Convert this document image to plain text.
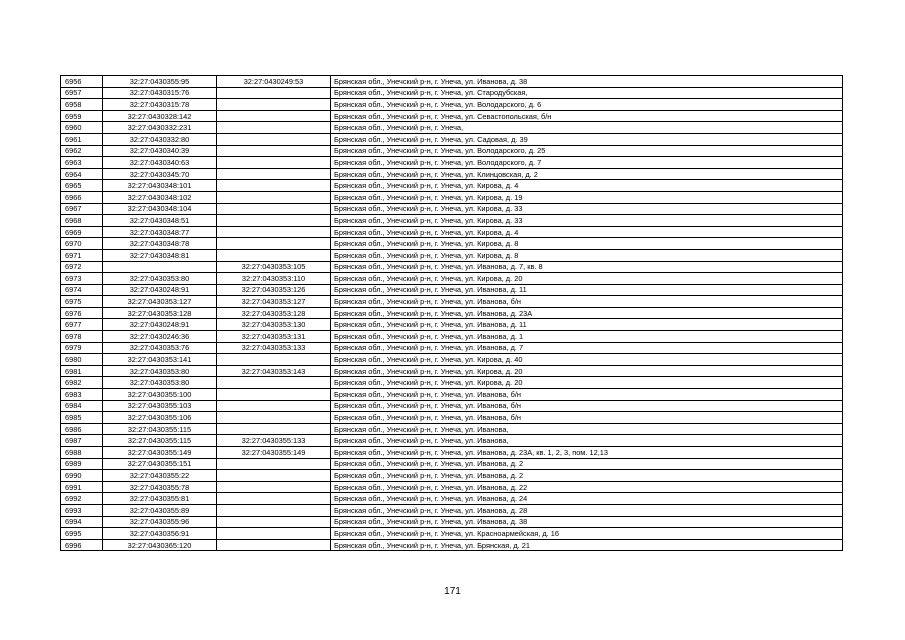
6956	32:27:0430355:95	32:27:0430249:53	Брянская обл., Унечский р-н, г. Унеча, ул. Иванова, д. 38
6957	32:27:0430315:76		Брянская обл., Унечский р-н, г. Унеча, ул. Стародубская,
6958	32:27:0430315:78		Брянская обл., Унечский р-н, г. Унеча, ул. Володарского, д. 6
6959	32:27:0430328:142		Брянская обл., Унечский р-н, г. Унеча, ул. Севастопольская, б/н
6960	32:27:0430332:231		Брянская обл., Унечский р-н, г. Унеча,
6961	32:27:0430332:80		Брянская обл., Унечский р-н, г. Унеча, ул. Садовая, д. 39
6962	32:27:0430340:39		Брянская обл., Унечский р-н, г. Унеча, ул. Володарского, д. 25
6963	32:27:0430340:63		Брянская обл., Унечский р-н, г. Унеча, ул. Володарского, д. 7
6964	32:27:0430345:70		Брянская обл., Унечский р-н, г. Унеча, ул. Клинцовская, д. 2
6965	32:27:0430348:101		Брянская обл., Унечский р-н, г. Унеча, ул. Кирова, д. 4
6966	32:27:0430348:102		Брянская обл., Унечский р-н, г. Унеча, ул. Кирова, д. 19
6967	32:27:0430348:104		Брянская обл., Унечский р-н, г. Унеча, ул. Кирова, д. 33
6968	32:27:0430348:51		Брянская обл., Унечский р-н, г. Унеча, ул. Кирова, д. 33
6969	32:27:0430348:77		Брянская обл., Унечский р-н, г. Унеча, ул. Кирова, д. 4
6970	32:27:0430348:78		Брянская обл., Унечский р-н, г. Унеча, ул. Кирова, д. 8
6971	32:27:0430348:81		Брянская обл., Унечский р-н, г. Унеча, ул. Кирова, д. 8
6972		32:27:0430353:105	Брянская обл., Унечский р-н, г. Унеча, ул. Иванова, д. 7, кв. 8
6973	32:27:0430353:80	32:27:0430353:110	Брянская обл., Унечский р-н, г. Унеча, ул. Кирова, д. 20
6974	32:27:0430248:91	32:27:0430353:126	Брянская обл., Унечский р-н, г. Унеча, ул. Иванова, д. 11
6975	32:27:0430353:127	32:27:0430353:127	Брянская обл., Унечский р-н, г. Унеча, ул. Иванова, б/н
6976	32:27:0430353:128	32:27:0430353:128	Брянская обл., Унечский р-н, г. Унеча, ул. Иванова, д. 23А
6977	32:27:0430248:91	32:27:0430353:130	Брянская обл., Унечский р-н, г. Унеча, ул. Иванова, д. 11
6978	32:27:0430246:36	32:27:0430353:131	Брянская обл., Унечский р-н, г. Унеча, ул. Иванова, д. 1
6979	32:27:0430353:76	32:27:0430353:133	Брянская обл., Унечский р-н, г. Унеча, ул. Иванова, д. 7
6980	32:27:0430353:141		Брянская обл., Унечский р-н, г. Унеча, ул. Кирова, д. 40
6981	32:27:0430353:80	32:27:0430353:143	Брянская обл., Унечский р-н, г. Унеча, ул. Кирова, д. 20
6982	32:27:0430353:80		Брянская обл., Унечский р-н, г. Унеча, ул. Кирова, д. 20
6983	32:27:0430355:100		Брянская обл., Унечский р-н, г. Унеча, ул. Иванова, б/н
6984	32:27:0430355:103		Брянская обл., Унечский р-н, г. Унеча, ул. Иванова, б/н
6985	32:27:0430355:106		Брянская обл., Унечский р-н, г. Унеча, ул. Иванова, б/н
6986	32:27:0430355:115		Брянская обл., Унечский р-н, г. Унеча, ул. Иванова,
6987	32:27:0430355:115	32:27:0430355:133	Брянская обл., Унечский р-н, г. Унеча, ул. Иванова,
6988	32:27:0430355:149	32:27:0430355:149	Брянская обл., Унечский р-н, г. Унеча, ул. Иванова, д. 23А, кв. 1, 2, 3, пом. 12,13
6989	32:27:0430355:151		Брянская обл., Унечский р-н, г. Унеча, ул. Иванова, д. 2
6990	32:27:0430355:22		Брянская обл., Унечский р-н, г. Унеча, ул. Иванова, д. 2
6991	32:27:0430355:78		Брянская обл., Унечский р-н, г. Унеча, ул. Иванова, д. 22
6992	32:27:0430355:81		Брянская обл., Унечский р-н, г. Унеча, ул. Иванова, д. 24
6993	32:27:0430355:89		Брянская обл., Унечский р-н, г. Унеча, ул. Иванова, д. 28
6994	32:27:0430355:96		Брянская обл., Унечский р-н, г. Унеча, ул. Иванова, д. 38
6995	32:27:0430356:91		Брянская обл., Унечский р-н, г. Унеча, ул. Красноармейская, д. 16
6996	32:27:0430365:120		Брянская обл., Унечский р-н, г. Унеча, ул. Брянская, д. 21
171
